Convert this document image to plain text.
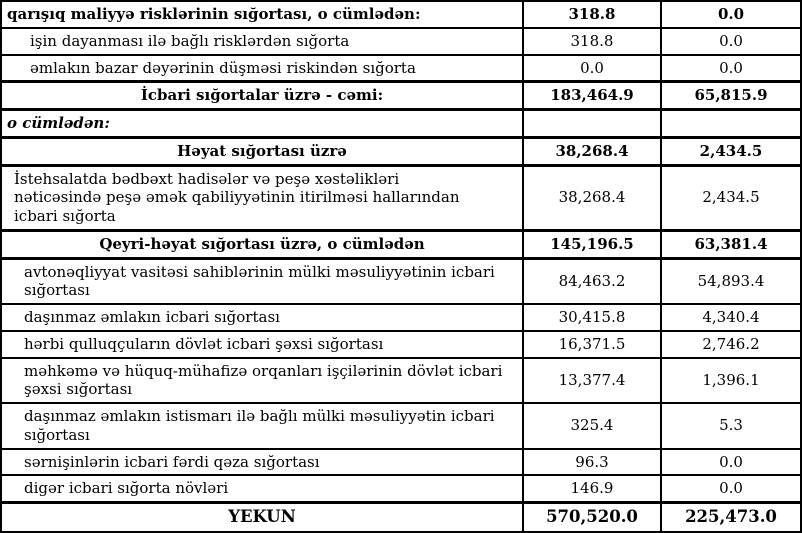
qarışıq maliyyə risklərinin sığortası, o cümlədən:	318.8	0.0
işin dayanması ilə bağlı risklərdən sığorta	318.8	0.0
əmlakın bazar dəyərinin düşməsi riskindən sığorta	0.0	0.0
İcbari sığortalar üzrə - cəmi:	183,464.9	65,815.9
o cümlədən:		
Həyat sığortası üzrə	38,268.4	2,434.5
İstehsalatda bədbəxt hadisələr və peşə xəstəlikləri nəticəsində peşə əmək qabiliyyətinin itirilməsi hallarından icbari sığorta	38,268.4	2,434.5
Qeyri-həyat sığortası üzrə, o cümlədən	145,196.5	63,381.4
avtonəqliyyat vasitəsi sahiblərinin mülki məsuliyyətinin icbari sığortası	84,463.2	54,893.4
daşınmaz əmlakın icbari sığortası	30,415.8	4,340.4
hərbi qulluqçuların dövlət icbari şəxsi sığortası	16,371.5	2,746.2
məhkəmə və hüquq-mühafizə orqanları işçilərinin dövlət icbari şəxsi sığortası	13,377.4	1,396.1
daşınmaz əmlakın istismarı ilə bağlı mülki məsuliyyətin icbari sığortası	325.4	5.3
sərnişinlərin icbari fərdi qəza sığortası	96.3	0.0
digər icbari sığorta növləri	146.9	0.0
YEKUN	570,520.0	225,473.0
